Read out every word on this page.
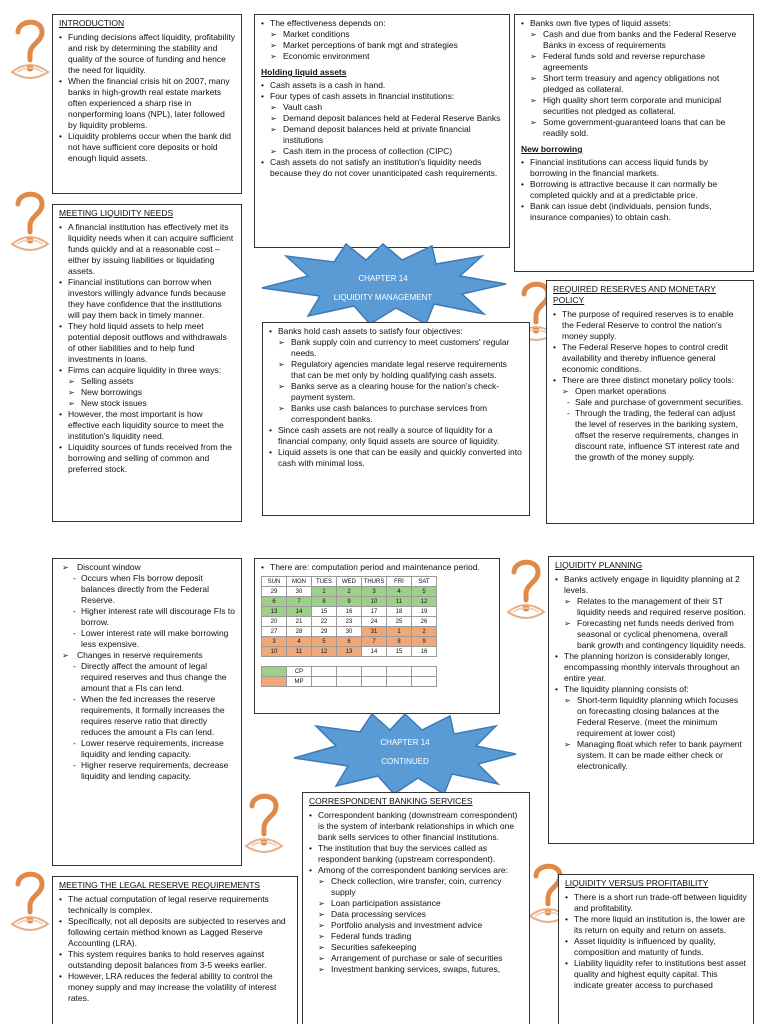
INTRODUCTION
• Funding decisions affect liquidity, profitability and risk by determining the stability and quality of the source of funding and hence the need for liquidity.
• When the financial crisis hit on 2007, many banks in high-growth real estate markets often experienced a sharp rise in nonperforming loans (NPL), later followed by liquidity problems.
• Liquidity problems occur when the bank did not have sufficient core deposits or hold enough liquid assets.
MEETING LIQUIDITY NEEDS
• A financial institution has effectively met its liquidity needs when it can acquire sufficient funds quickly and at a reasonable cost – either by issuing liabilities or liquidating assets.
• Financial institutions can borrow when investors willingly advance funds because they have confidence that the institutions will pay them back in timely manner.
• They hold liquid assets to help meet potential deposit outflows and withdrawals of other liabilities and to help fund investments in loans.
• Firms can acquire liquidity in three ways:
➢ Selling assets
➢ New borrowings
➢ New stock issues
• However, the most important is how effective each liquidity source to meet the institution's liquidity need.
• Liquidity sources of funds received from the borrowing and selling of common and preferred stock.
• The effectiveness depends on:
➢ Market conditions
➢ Market perceptions of bank mgt and strategies
➢ Economic environment
Holding liquid assets
• Cash assets is a cash in hand.
• Four types of cash assets in financial institutions:
➢ Vault cash
➢ Demand deposit balances held at Federal Reserve Banks
➢ Demand deposit balances held at private financial institutions
➢ Cash item in the process of collection (CIPC)
• Cash assets do not satisfy an institution's liquidity needs because they do not cover unanticipated cash requirements.
CHAPTER 14
LIQUIDITY MANAGEMENT
• Banks hold cash assets to satisfy four objectives:
➢ Bank supply coin and currency to meet customers' regular needs.
➢ Regulatory agencies mandate legal reserve requirements that can be met only by holding qualifying cash assets.
➢ Banks serve as a clearing house for the nation's check-payment system.
➢ Banks use cash balances to purchase services from correspondent banks.
• Since cash assets are not really a source of liquidity for a financial company, only liquid assets are source of liquidity.
• Liquid assets is one that can be easily and quickly converted into cash with minimal loss.
• Banks own five types of liquid assets:
➢ Cash and due from banks and the Federal Reserve Banks in excess of requirements
➢ Federal funds sold and reverse repurchase agreements
➢ Short term treasury and agency obligations not pledged as collateral.
➢ High quality short term corporate and municipal securities not pledged as collateral.
➢ Some government-guaranteed loans that can be readily sold.
New borrowing
• Financial institutions can access liquid funds by borrowing in the financial markets.
• Borrowing is attractive because it can normally be completed quickly and at a predictable price.
• Bank can issue debt (individuals, pension funds, insurance companies) to obtain cash.
REQUIRED RESERVES AND MONETARY POLICY
• The purpose of required reserves is to enable the Federal Reserve to control the nation's money supply.
• The Federal Reserve hopes to control credit availability and thereby influence general economic conditions.
• There are three distinct monetary policy tools:
➢ Open market operations
- Sale and purchase of government securities.
- Through the trading, the federal can adjust the level of reserves in the banking system, offset the reserve requirements, changes in discount rate, influence ST interest rate and the growth of the money supply.
➢ Discount window
- Occurs when FIs borrow deposit balances directly from the Federal Reserve.
- Higher interest rate will discourage FIs to borrow.
- Lower interest rate will make borrowing less expensive.
➢ Changes in reserve requirements
- Directly affect the amount of legal required reserves and thus change the amount that a FIs can lend.
- When the fed increases the reserve requirements, it formally increases the requires reserve ratio that directly reduces the amount a FIs can lend.
- Lower reserve requirements, increase liquidity and lending capacity.
- Higher reserve requirements, decrease liquidity and lending capacity.
• There are: computation period and maintenance period.
SUN	MON	TUES	WED	THURS	FRI	SAT
29	30	1	2	3	4	5
6	7	8	9	10	11	12
13	14	15	16	17	18	19
20	21	22	23	24	25	26
27	28	29	30	31	1	2
3	4	5	6	7	8	9
10	11	12	13	14	15	16

	CP					
	MP					
CHAPTER 14
CONTINUED
LIQUIDITY PLANNING
• Banks actively engage in liquidity planning at 2 levels.
➢ Relates to the management of their ST liquidity needs and required reserve position.
➢ Forecasting net funds needs derived from seasonal or cyclical phenomena, overall bank growth and contingency liquidity needs.
• The planning horizon is considerably longer, encompassing monthly intervals throughout an entire year.
• The liquidity planning consists of:
➢ Short-term liquidity planning which focuses on forecasting closing balances at the Federal Reserve. (meet the minimum requirement at lower cost)
➢ Managing float which refer to bank payment system. It can be made either check or electronically.
CORRESPONDENT BANKING SERVICES
• Correspondent banking (downstream correspondent) is the system of interbank relationships in which one bank sells services to other financial institutions.
• The institution that buy the services called as respondent banking (upstream correspondent).
• Among of the correspondent banking services are:
➢ Check collection, wire transfer, coin, currency supply
➢ Loan participation assistance
➢ Data processing services
➢ Portfolio analysis and investment advice
➢ Federal funds trading
➢ Securities safekeeping
➢ Arrangement of purchase or sale of securities
➢ Investment banking services, swaps, futures,
MEETING THE LEGAL RESERVE REQUIREMENTS
• The actual computation of legal reserve requirements technically is complex.
• Specifically, not all deposits are subjected to reserves and following certain method known as Lagged Reserve Accounting (LRA).
• This system requires banks to hold reserves against outstanding deposit balances from 3-5 weeks earlier.
• However, LRA reduces the federal ability to control the money supply and may increase the volatility of interest rates.
LIQUIDITY VERSUS PROFITABILITY
• There is a short run trade-off between liquidity and profitability.
• The more liquid an institution is, the lower are its return on equity and return on assets.
• Asset liquidity is influenced by quality, composition and maturity of funds.
• Liability liquidity refer to institutions best asset quality and highest equity capital. This indicate greater access to purchased
